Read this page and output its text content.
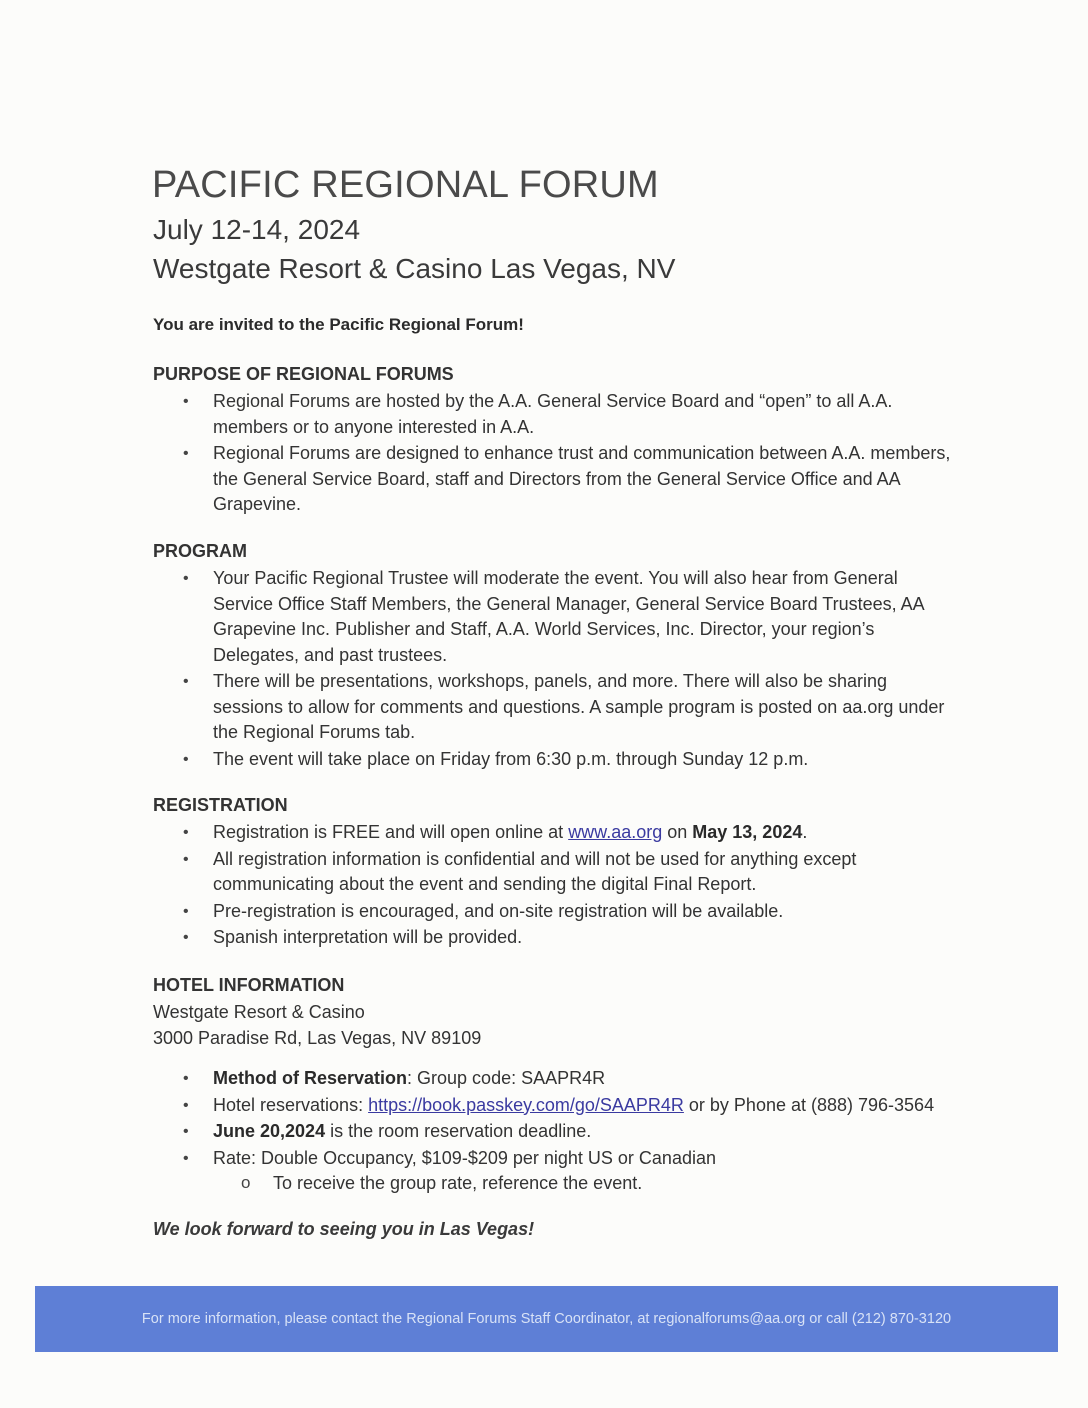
PACIFIC REGIONAL FORUM

July 12-14, 2024

Westgate Resort & Casino Las Vegas, NV

You are invited to the Pacific Regional Forum!

PURPOSE OF REGIONAL FORUMS
• Regional Forums are hosted by the A.A. General Service Board and “open” to all A.A. members or to anyone interested in A.A.
• Regional Forums are designed to enhance trust and communication between A.A. members, the General Service Board, staff and Directors from the General Service Office and AA Grapevine.
PROGRAM
• Your Pacific Regional Trustee will moderate the event. You will also hear from General Service Office Staff Members, the General Manager, General Service Board Trustees, AA Grapevine Inc. Publisher and Staff, A.A. World Services, Inc. Director, your region’s Delegates, and past trustees.
• There will be presentations, workshops, panels, and more. There will also be sharing sessions to allow for comments and questions. A sample program is posted on aa.org under the Regional Forums tab.
• The event will take place on Friday from 6:30 p.m. through Sunday 12 p.m.
REGISTRATION
• Registration is FREE and will open online at www.aa.org on May 13, 2024.
• All registration information is confidential and will not be used for anything except communicating about the event and sending the digital Final Report.
• Pre-registration is encouraged, and on-site registration will be available.
• Spanish interpretation will be provided.
HOTEL INFORMATION
Westgate Resort & Casino
3000 Paradise Rd, Las Vegas, NV 89109
• Method of Reservation: Group code: SAAPR4R
• Hotel reservations: https://book.passkey.com/go/SAAPR4R or by Phone at (888) 796-3564
• June 20,2024 is the room reservation deadline.
• Rate: Double Occupancy, $109-$209 per night US or Canadian
o To receive the group rate, reference the event.

We look forward to seeing you in Las Vegas!

For more information, please contact the Regional Forums Staff Coordinator, at regionalforums@aa.org or call (212) 870-3120
